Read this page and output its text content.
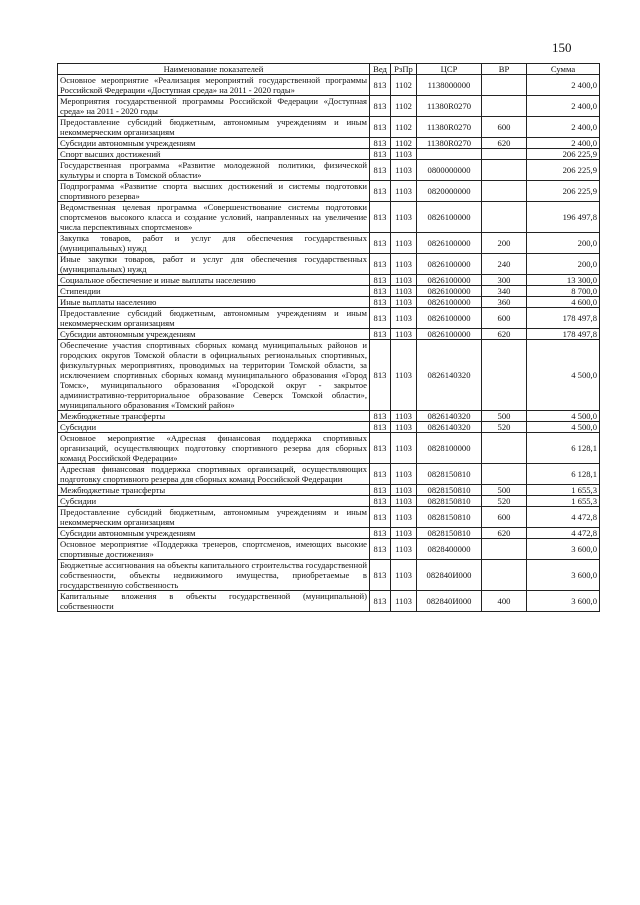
150
Наименование показателей	Вед	РзПр	ЦСР	ВР	Сумма
Основное мероприятие «Реализация мероприятий государственной программы Российской Федерации «Доступная среда» на 2011 - 2020 годы»	813	1102	1138000000		2 400,0
Мероприятия государственной программы Российской Федерации «Доступная среда» на 2011 - 2020 годы	813	1102	11380R0270		2 400,0
Предоставление субсидий бюджетным, автономным учреждениям и иным некоммерческим организациям	813	1102	11380R0270	600	2 400,0
Субсидии автономным учреждениям	813	1102	11380R0270	620	2 400,0
Спорт высших достижений	813	1103			206 225,9
Государственная программа «Развитие молодежной политики, физической культуры и спорта в Томской области»	813	1103	0800000000		206 225,9
Подпрограмма «Развитие спорта высших достижений и системы подготовки спортивного резерва»	813	1103	0820000000		206 225,9
Ведомственная целевая программа «Совершенствование системы подготовки спортсменов высокого класса и создание условий, направленных на увеличение числа перспективных спортсменов»	813	1103	0826100000		196 497,8
Закупка товаров, работ и услуг для обеспечения государственных (муниципальных) нужд	813	1103	0826100000	200	200,0
Иные закупки товаров, работ и услуг для обеспечения государственных (муниципальных) нужд	813	1103	0826100000	240	200,0
Социальное обеспечение и иные выплаты населению	813	1103	0826100000	300	13 300,0
Стипендии	813	1103	0826100000	340	8 700,0
Иные выплаты населению	813	1103	0826100000	360	4 600,0
Предоставление субсидий бюджетным, автономным учреждениям и иным некоммерческим организациям	813	1103	0826100000	600	178 497,8
Субсидии автономным учреждениям	813	1103	0826100000	620	178 497,8
Обеспечение участия спортивных сборных команд муниципальных районов и городских округов Томской области в официальных региональных спортивных, физкультурных мероприятиях, проводимых на территории Томской области, за исключением спортивных сборных команд муниципального образования «Город Томск», муниципального образования «Городской округ - закрытое административно-территориальное образование Северск Томской области», муниципального образования «Томский район»	813	1103	0826140320		4 500,0
Межбюджетные трансферты	813	1103	0826140320	500	4 500,0
Субсидии	813	1103	0826140320	520	4 500,0
Основное мероприятие «Адресная финансовая поддержка спортивных организаций, осуществляющих подготовку спортивного резерва для сборных команд Российской Федерации»	813	1103	0828100000		6 128,1
Адресная финансовая поддержка спортивных организаций, осуществляющих подготовку спортивного резерва для сборных команд Российской Федерации	813	1103	0828150810		6 128,1
Межбюджетные трансферты	813	1103	0828150810	500	1 655,3
Субсидии	813	1103	0828150810	520	1 655,3
Предоставление субсидий бюджетным, автономным учреждениям и иным некоммерческим организациям	813	1103	0828150810	600	4 472,8
Субсидии автономным учреждениям	813	1103	0828150810	620	4 472,8
Основное мероприятие «Поддержка тренеров, спортсменов, имеющих высокие спортивные достижения»	813	1103	0828400000		3 600,0
Бюджетные ассигнования на объекты капитального строительства государственной собственности, объекты недвижимого имущества, приобретаемые в государственную собственность	813	1103	082840И000		3 600,0
Капитальные вложения в объекты государственной (муниципальной) собственности	813	1103	082840И000	400	3 600,0
